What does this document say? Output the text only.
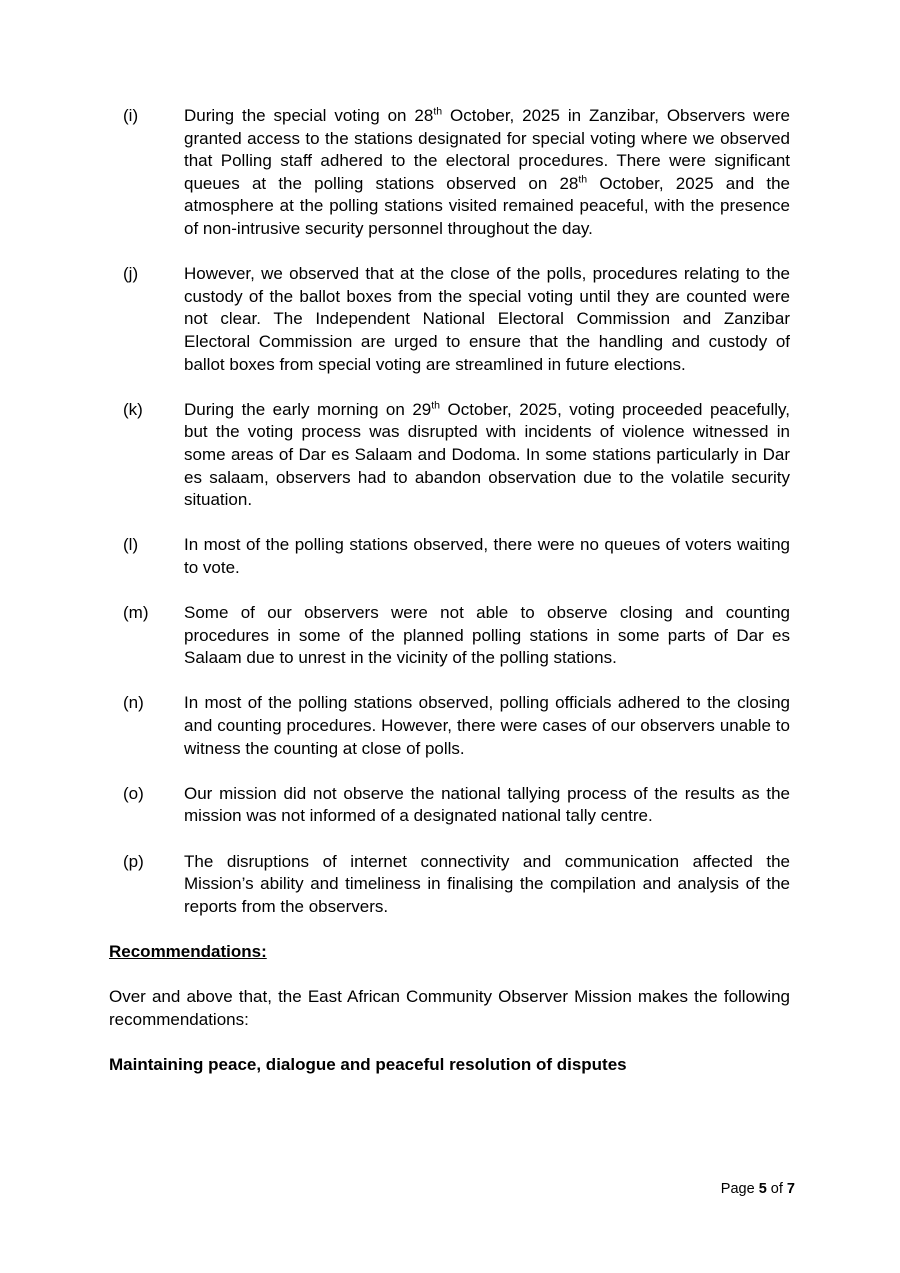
(i)	During the special voting on 28th October, 2025 in Zanzibar, Observers were granted access to the stations designated for special voting where we observed that Polling staff adhered to the electoral procedures. There were significant queues at the polling stations observed on 28th October, 2025 and the atmosphere at the polling stations visited remained peaceful, with the presence of non-intrusive security personnel throughout the day.

(j)	However, we observed that at the close of the polls, procedures relating to the custody of the ballot boxes from the special voting until they are counted were not clear. The Independent National Electoral Commission and Zanzibar Electoral Commission are urged to ensure that the handling and custody of ballot boxes from special voting are streamlined in future elections.

(k)	During the early morning on 29th October, 2025, voting proceeded peacefully, but the voting process was disrupted with incidents of violence witnessed in some areas of Dar es Salaam and Dodoma. In some stations particularly in Dar es salaam, observers had to abandon observation due to the volatile security situation.

(l)	In most of the polling stations observed, there were no queues of voters waiting to vote.

(m)	Some of our observers were not able to observe closing and counting procedures in some of the planned polling stations in some parts of Dar es Salaam due to unrest in the vicinity of the polling stations.

(n)	In most of the polling stations observed, polling officials adhered to the closing and counting procedures. However, there were cases of our observers unable to witness the counting at close of polls.

(o)	Our mission did not observe the national tallying process of the results as the mission was not informed of a designated national tally centre.

(p)	The disruptions of internet connectivity and communication affected the Mission’s ability and timeliness in finalising the compilation and analysis of the reports from the observers.

Recommendations:

Over and above that, the East African Community Observer Mission makes the following recommendations:

Maintaining peace, dialogue and peaceful resolution of disputes
Page 5 of 7
